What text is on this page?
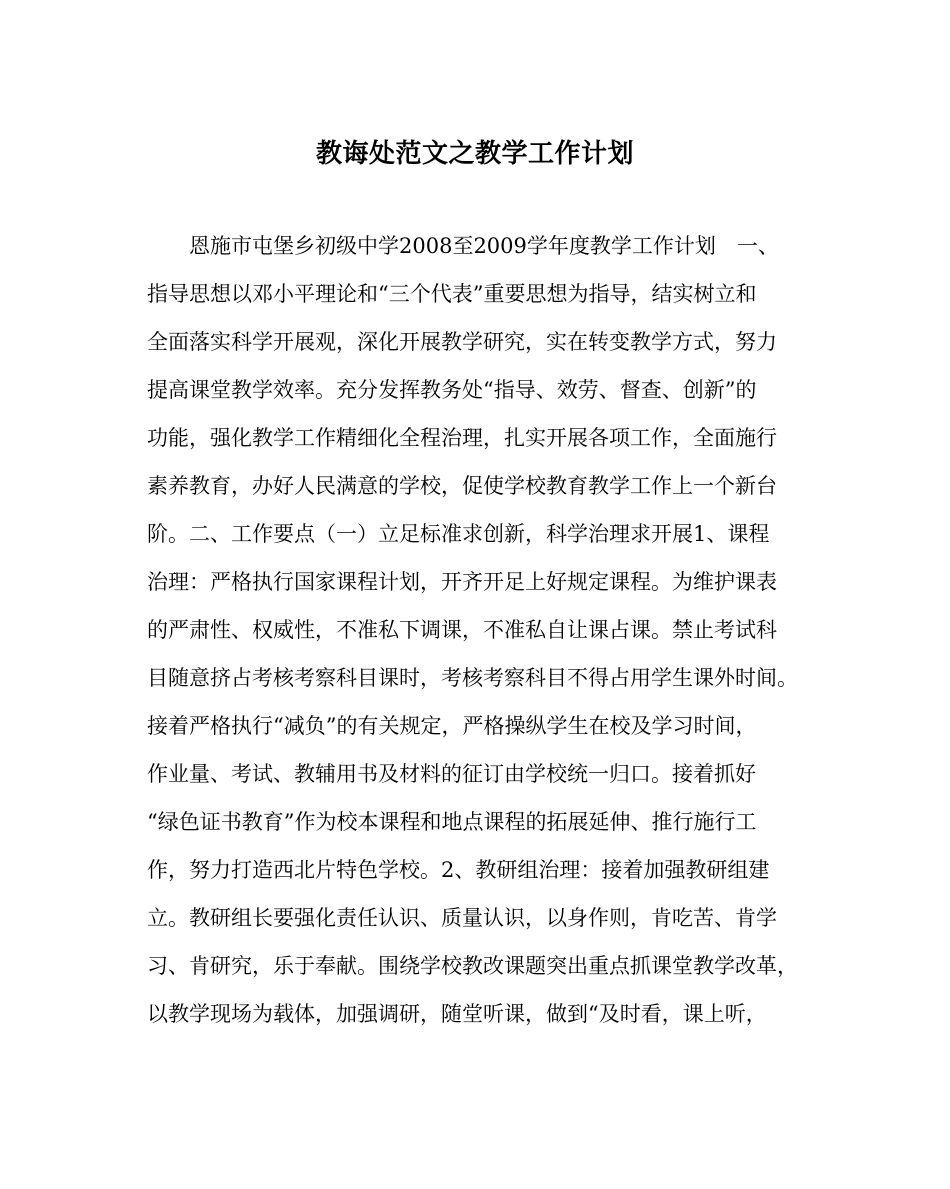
教诲处范文之教学工作计划
恩施市屯堡乡初级中学2008至2009学年度教学工作计划　一、
指导思想以邓小平理论和“三个代表”重要思想为指导，结实树立和
全面落实科学开展观，深化开展教学研究，实在转变教学方式，努力
提高课堂教学效率。充分发挥教务处“指导、效劳、督查、创新”的
功能，强化教学工作精细化全程治理，扎实开展各项工作，全面施行
素养教育，办好人民满意的学校，促使学校教育教学工作上一个新台
阶。二、工作要点（一）立足标准求创新，科学治理求开展1、课程
治理：严格执行国家课程计划，开齐开足上好规定课程。为维护课表
的严肃性、权威性，不准私下调课，不准私自让课占课。禁止考试科
目随意挤占考核考察科目课时，考核考察科目不得占用学生课外时间。
接着严格执行“减负”的有关规定，严格操纵学生在校及学习时间，
作业量、考试、教辅用书及材料的征订由学校统一归口。接着抓好
“绿色证书教育”作为校本课程和地点课程的拓展延伸、推行施行工
作，努力打造西北片特色学校。2、教研组治理：接着加强教研组建
立。教研组长要强化责任认识、质量认识，以身作则，肯吃苦、肯学
习、肯研究，乐于奉献。围绕学校教改课题突出重点抓课堂教学改革，
以教学现场为载体，加强调研，随堂听课，做到“及时看，课上听，
